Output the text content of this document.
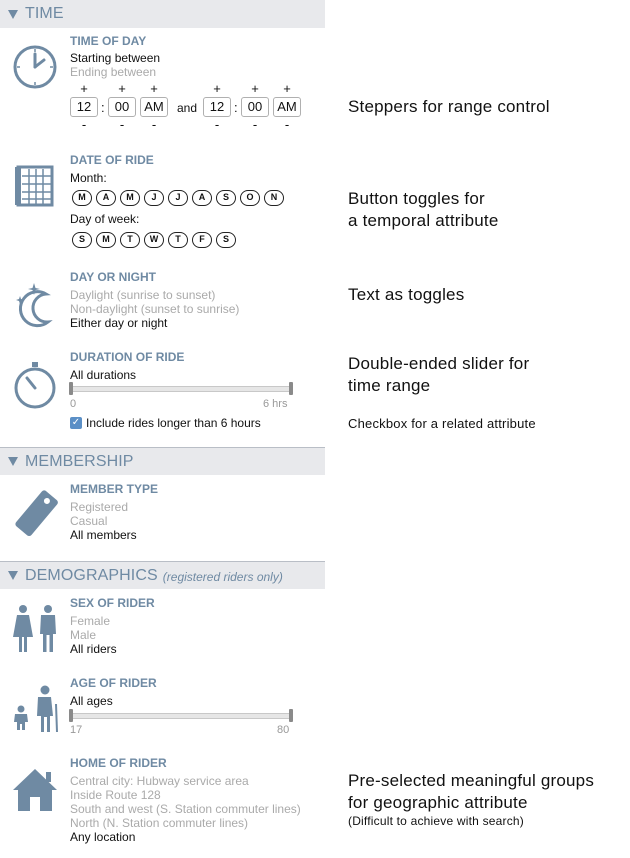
TIME
TIME OF DAY
Starting between
Ending between
+
12
-
:
+
00
-
+
AM
-
and
+
12
-
:
+
00
-
+
AM
-
Steppers for range control
DATE OF RIDE
Month:
M	A	M	J	J	A	S	O	N
Day of week:
S	M	T	W	T	F	S
Button toggles for
a temporal attribute
DAY OR NIGHT
Daylight (sunrise to sunset)
Non-daylight (sunset to sunrise)
Either day or night
Text as toggles
DURATION OF RIDE
All durations
0	6 hrs
✓ Include rides longer than 6 hours
Double-ended slider for
time range
Checkbox for a related attribute
MEMBERSHIP
MEMBER TYPE
Registered
Casual
All members
DEMOGRAPHICS (registered riders only)
SEX OF RIDER
Female
Male
All riders
AGE OF RIDER
All ages
17	80
HOME OF RIDER
Central city: Hubway service area
Inside Route 128
South and west (S. Station commuter lines)
North (N. Station commuter lines)
Any location
Pre-selected meaningful groups
for geographic attribute
(Difficult to achieve with search)
